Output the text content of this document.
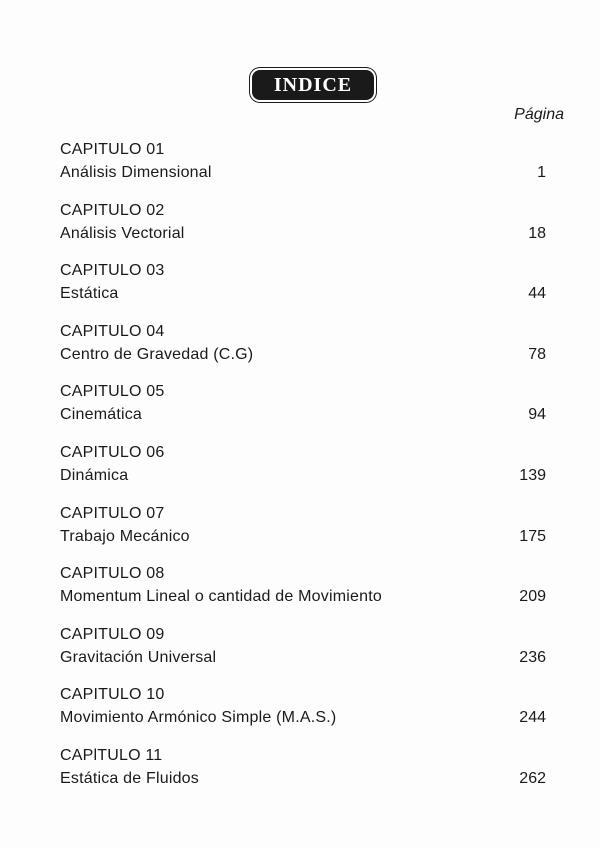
INDICE
Página
CAPITULO 01
Análisis Dimensional	1
CAPITULO 02
Análisis Vectorial	18
CAPITULO 03
Estática	44
CAPITULO 04
Centro de Gravedad (C.G)	78
CAPITULO 05
Cinemática	94
CAPITULO 06
Dinámica	139
CAPITULO 07
Trabajo Mecánico	175
CAPITULO 08
Momentum Lineal o cantidad de Movimiento	209
CAPITULO 09
Gravitación Universal	236
CAPITULO 10
Movimiento Armónico Simple (M.A.S.)	244
CAPlTULO 11
Estática de Fluidos	262
